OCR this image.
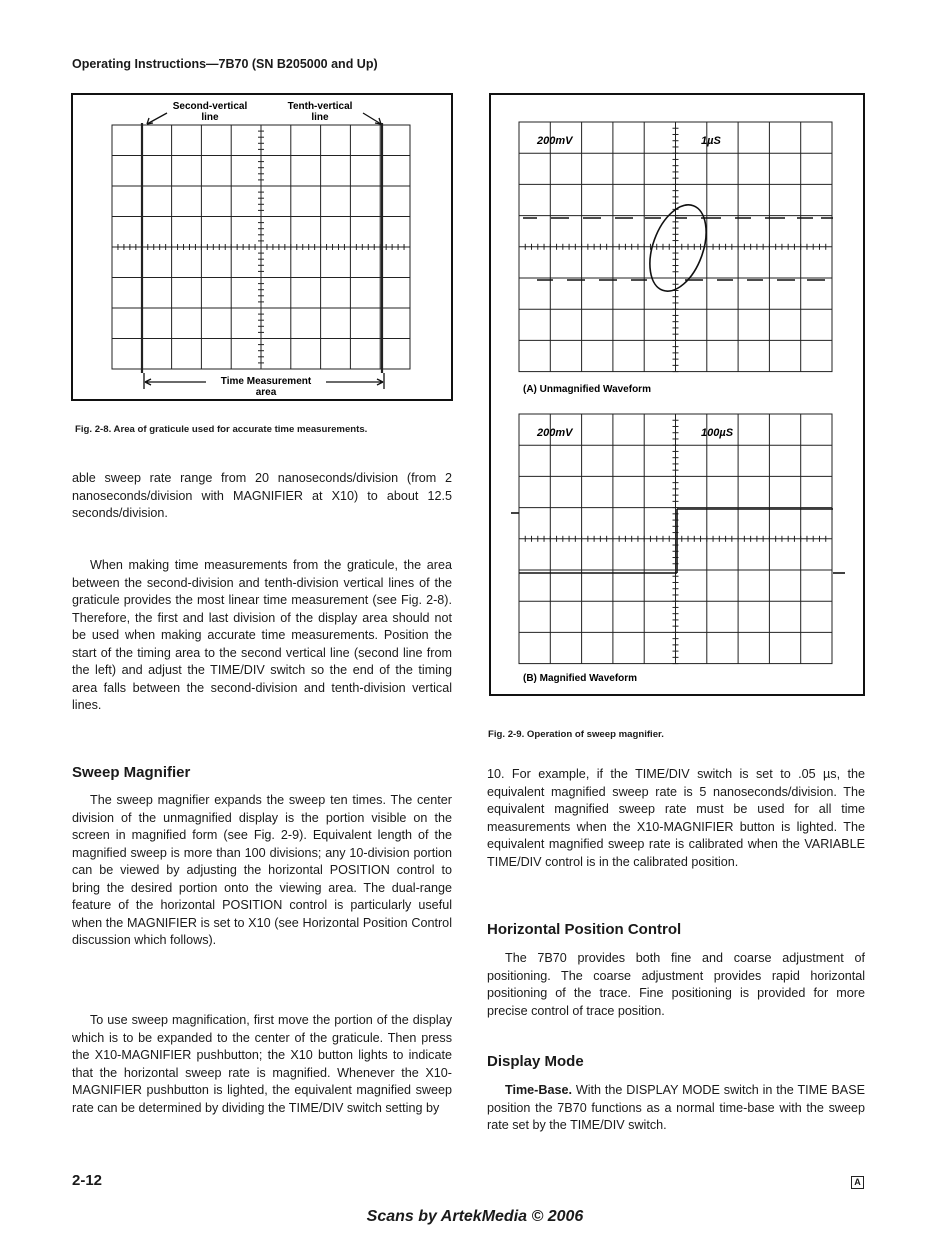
Operating Instructions—7B70 (SN B205000 and Up)
Second-vertical
line
Tenth-vertical
line
Time Measurement
area
Fig. 2-8. Area of graticule used for accurate time measurements.
200mV	1µS
(A) Unmagnified Waveform
200mV	100µS
(B) Magnified Waveform
Fig. 2-9. Operation of sweep magnifier.

able sweep rate range from 20 nanoseconds/division (from 2 nanoseconds/division with MAGNIFIER at X10) to about 12.5 seconds/division.

When making time measurements from the graticule, the area between the second-division and tenth-division vertical lines of the graticule provides the most linear time measurement (see Fig. 2-8). Therefore, the first and last division of the display area should not be used when making accurate time measurements. Position the start of the timing area to the second vertical line (second line from the left) and adjust the TIME/DIV switch so the end of the timing area falls between the second-division and tenth-division vertical lines.

Sweep Magnifier

The sweep magnifier expands the sweep ten times. The center division of the unmagnified display is the portion visible on the screen in magnified form (see Fig. 2-9). Equivalent length of the magnified sweep is more than 100 divisions; any 10-division portion can be viewed by adjusting the horizontal POSITION control to bring the desired portion onto the viewing area. The dual-range feature of the horizontal POSITION control is particularly useful when the MAGNIFIER is set to X10 (see Horizontal Position Control discussion which follows).

To use sweep magnification, first move the portion of the display which is to be expanded to the center of the graticule. Then press the X10-MAGNIFIER pushbutton; the X10 button lights to indicate that the horizontal sweep rate is magnified. Whenever the X10-MAGNIFIER pushbutton is lighted, the equivalent magnified sweep rate can be determined by dividing the TIME/DIV switch setting by

10. For example, if the TIME/DIV switch is set to .05 µs, the equivalent magnified sweep rate is 5 nanoseconds/division. The equivalent magnified sweep rate must be used for all time measurements when the X10-MAGNIFIER button is lighted. The equivalent magnified sweep rate is calibrated when the VARIABLE TIME/DIV control is in the calibrated position.

Horizontal Position Control

The 7B70 provides both fine and coarse adjustment of positioning. The coarse adjustment provides rapid horizontal positioning of the trace. Fine positioning is provided for more precise control of trace position.

Display Mode

Time-Base. With the DISPLAY MODE switch in the TIME BASE position the 7B70 functions as a normal time-base with the sweep rate set by the TIME/DIV switch.

2-12	A
Scans by ArtekMedia © 2006
